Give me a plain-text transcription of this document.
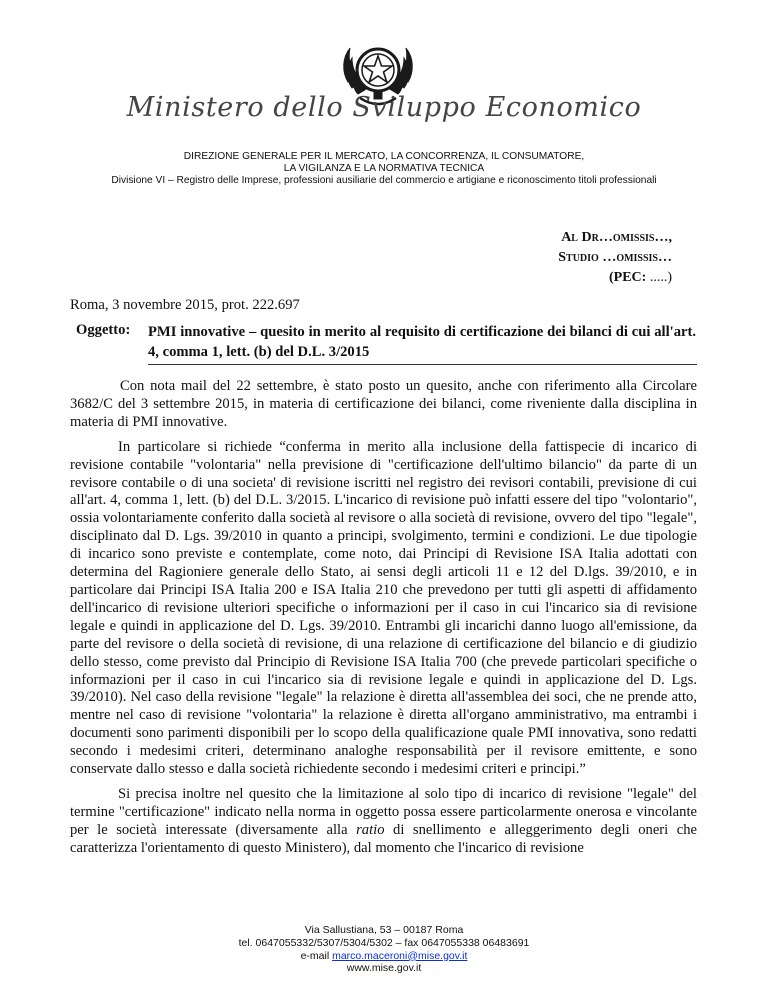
Ministero dello Sviluppo Economico
DIREZIONE GENERALE PER IL MERCATO, LA CONCORRENZA, IL CONSUMATORE,
LA VIGILANZA E LA NORMATIVA TECNICA
Divisione VI – Registro delle Imprese, professioni ausiliarie del commercio e artigiane e riconoscimento titoli professionali
Al Dr…omissis…,
Studio …omissis…
(PEC: .....)
Roma, 3 novembre 2015, prot. 222.697
Oggetto: PMI innovative – quesito in merito al requisito di certificazione dei bilanci di cui all'art. 4, comma 1, lett. (b) del D.L. 3/2015

Con nota mail del 22 settembre, è stato posto un quesito, anche con riferimento alla Circolare 3682/C del 3 settembre 2015, in materia di certificazione dei bilanci, come riveniente dalla disciplina in materia di PMI innovative.

In particolare si richiede “conferma in merito alla inclusione della fattispecie di incarico di revisione contabile "volontaria" nella previsione di "certificazione dell'ultimo bilancio" da parte di un revisore contabile o di una societa' di revisione iscritti nel registro dei revisori contabili, previsione di cui all'art. 4, comma 1, lett. (b) del D.L. 3/2015. L'incarico di revisione può infatti essere del tipo "volontario", ossia volontariamente conferito dalla società al revisore o alla società di revisione, ovvero del tipo "legale", disciplinato dal D. Lgs. 39/2010 in quanto a principi, svolgimento, termini e condizioni. Le due tipologie di incarico sono previste e contemplate, come noto, dai Principi di Revisione ISA Italia adottati con determina del Ragioniere generale dello Stato, ai sensi degli articoli 11 e 12 del D.lgs. 39/2010, e in particolare dai Principi ISA Italia 200 e ISA Italia 210 che prevedono per tutti gli aspetti di affidamento dell'incarico di revisione ulteriori specifiche o informazioni per il caso in cui l'incarico sia di revisione legale e quindi in applicazione del D. Lgs. 39/2010. Entrambi gli incarichi danno luogo all'emissione, da parte del revisore o della società di revisione, di una relazione di certificazione del bilancio e di giudizio dello stesso, come previsto dal Principio di Revisione ISA Italia 700 (che prevede particolari specifiche o informazioni per il caso in cui l'incarico sia di revisione legale e quindi in applicazione del D. Lgs. 39/2010). Nel caso della revisione "legale" la relazione è diretta all'assemblea dei soci, che ne prende atto, mentre nel caso di revisione "volontaria" la relazione è diretta all'organo amministrativo, ma entrambi i documenti sono parimenti disponibili per lo scopo della qualificazione quale PMI innovativa, sono redatti secondo i medesimi criteri, determinano analoghe responsabilità per il revisore emittente, e sono conservate dallo stesso e dalla società richiedente secondo i medesimi criteri e principi.”

Si precisa inoltre nel quesito che la limitazione al solo tipo di incarico di revisione "legale" del termine "certificazione" indicato nella norma in oggetto possa essere particolarmente onerosa e vincolante per le società interessate (diversamente alla ratio di snellimento e alleggerimento degli oneri che caratterizza l'orientamento di questo Ministero), dal momento che l'incarico di revisione

Via Sallustiana, 53 – 00187 Roma
tel. 0647055332/5307/5304/5302 – fax 0647055338 06483691
e-mail marco.maceroni@mise.gov.it
www.mise.gov.it
